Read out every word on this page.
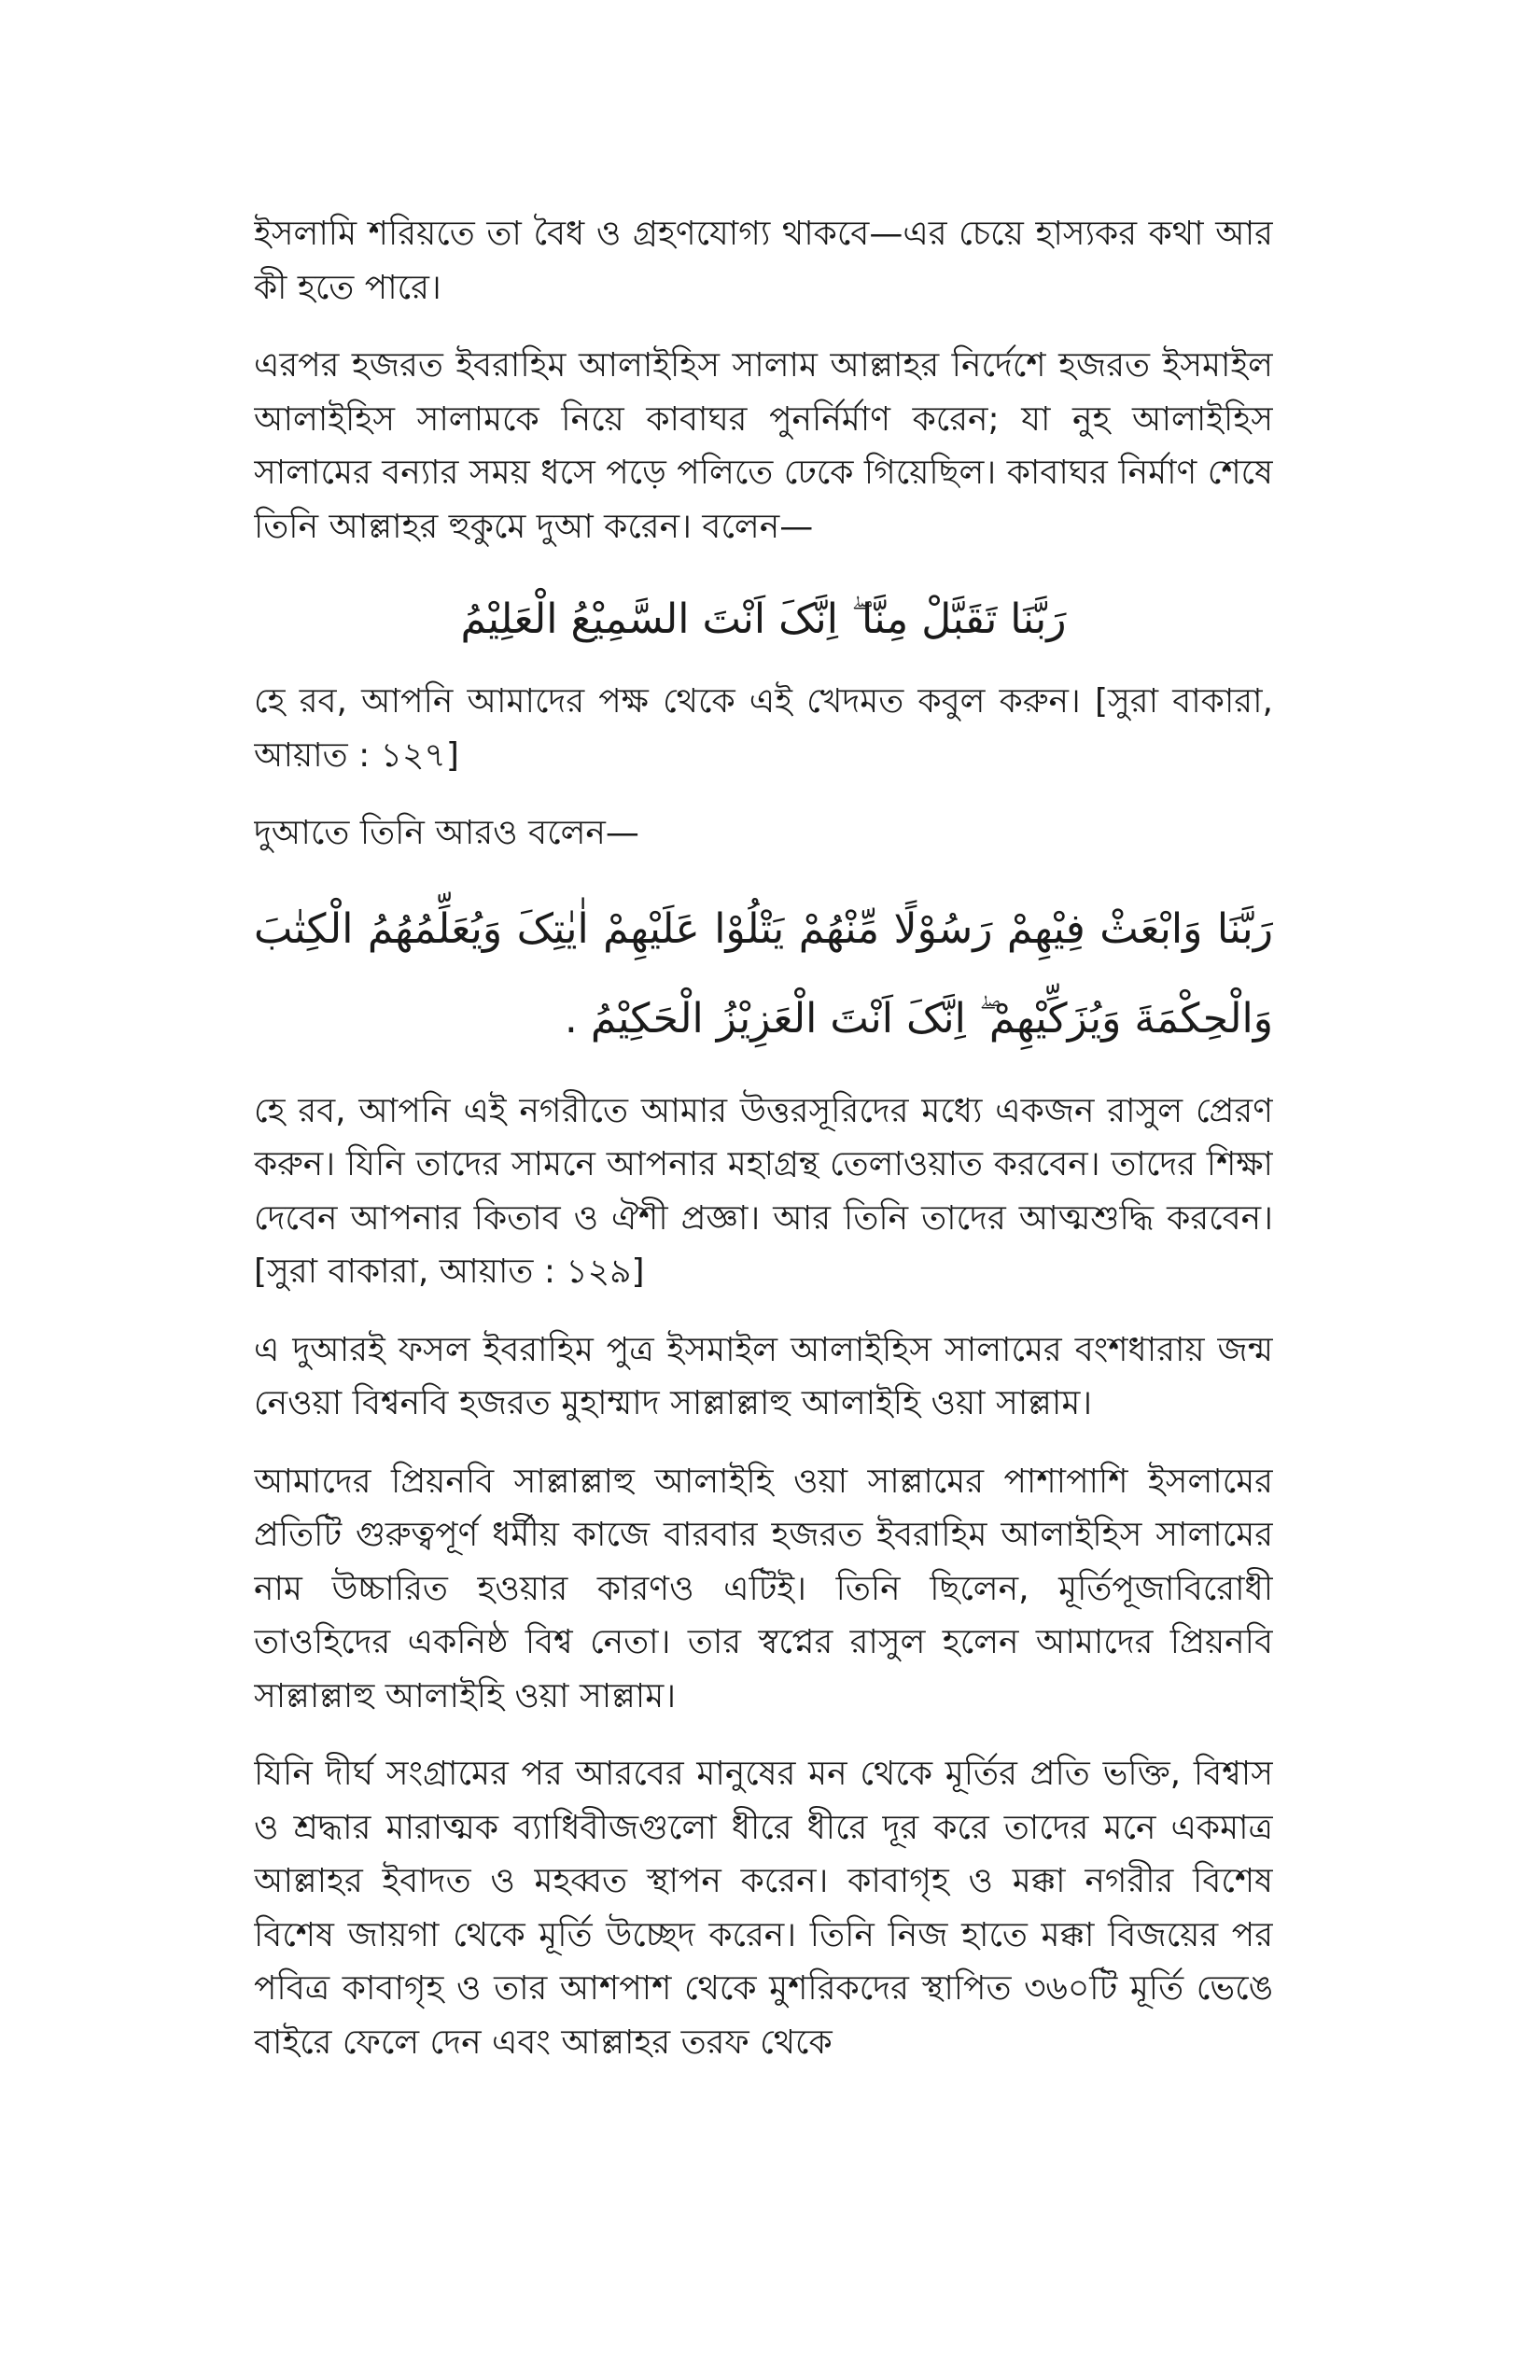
ইসলামি শরিয়তে তা বৈধ ও গ্রহণযোগ্য থাকবে—এর চেয়ে হাস্যকর কথা আর কী হতে পারে।

এরপর হজরত ইবরাহিম আলাইহিস সালাম আল্লাহর নির্দেশে হজরত ইসমাইল আলাইহিস সালামকে নিয়ে কাবাঘর পুনর্নির্মাণ করেন; যা নুহ আলাইহিস সালামের বন্যার সময় ধসে পড়ে পলিতে ঢেকে গিয়েছিল। কাবাঘর নির্মাণ শেষে তিনি আল্লাহর হুকুমে দুআ করেন। বলেন—

رَبَّنَا تَقَبَّلْ مِنَّا ۖ اِنَّکَ اَنْتَ السَّمِیْعُ الْعَلِیْمُ

হে রব, আপনি আমাদের পক্ষ থেকে এই খেদমত কবুল করুন। [সুরা বাকারা, আয়াত : ১২৭]

দুআতে তিনি আরও বলেন—

رَبَّنَا وَابْعَثْ فِيْهِمْ رَسُوْلًا مِّنْهُمْ يَتْلُوْا عَلَيْهِمْ اٰيٰتِکَ وَيُعَلِّمُهُمُ الْكِتٰبَ وَالْحِكْمَةَ وَيُزَكِّيْهِمْ ۖ اِنَّکَ اَنْتَ الْعَزِيْزُ الْحَكِيْمُ .

হে রব, আপনি এই নগরীতে আমার উত্তরসূরিদের মধ্যে একজন রাসুল প্রেরণ করুন। যিনি তাদের সামনে আপনার মহাগ্রন্থ তেলাওয়াত করবেন। তাদের শিক্ষা দেবেন আপনার কিতাব ও ঐশী প্রজ্ঞা। আর তিনি তাদের আত্মশুদ্ধি করবেন। [সুরা বাকারা, আয়াত : ১২৯]

এ দুআরই ফসল ইবরাহিম পুত্র ইসমাইল আলাইহিস সালামের বংশধারায় জন্ম নেওয়া বিশ্বনবি হজরত মুহাম্মাদ সাল্লাল্লাহু আলাইহি ওয়া সাল্লাম।

আমাদের প্রিয়নবি সাল্লাল্লাহু আলাইহি ওয়া সাল্লামের পাশাপাশি ইসলামের প্রতিটি গুরুত্বপূর্ণ ধর্মীয় কাজে বারবার হজরত ইবরাহিম আলাইহিস সালামের নাম উচ্চারিত হওয়ার কারণও এটিই। তিনি ছিলেন, মূর্তিপূজাবিরোধী তাওহিদের একনিষ্ঠ বিশ্ব নেতা। তার স্বপ্নের রাসুল হলেন আমাদের প্রিয়নবি সাল্লাল্লাহু আলাইহি ওয়া সাল্লাম।

যিনি দীর্ঘ সংগ্রামের পর আরবের মানুষের মন থেকে মূর্তির প্রতি ভক্তি, বিশ্বাস ও শ্রদ্ধার মারাত্মক ব্যাধিবীজগুলো ধীরে ধীরে দূর করে তাদের মনে একমাত্র আল্লাহর ইবাদত ও মহব্বত স্থাপন করেন। কাবাগৃহ ও মক্কা নগরীর বিশেষ বিশেষ জায়গা থেকে মূর্তি উচ্ছেদ করেন। তিনি নিজ হাতে মক্কা বিজয়ের পর পবিত্র কাবাগৃহ ও তার আশপাশ থেকে মুশরিকদের স্থাপিত ৩৬০টি মূর্তি ভেঙে বাইরে ফেলে দেন এবং আল্লাহর তরফ থেকে
